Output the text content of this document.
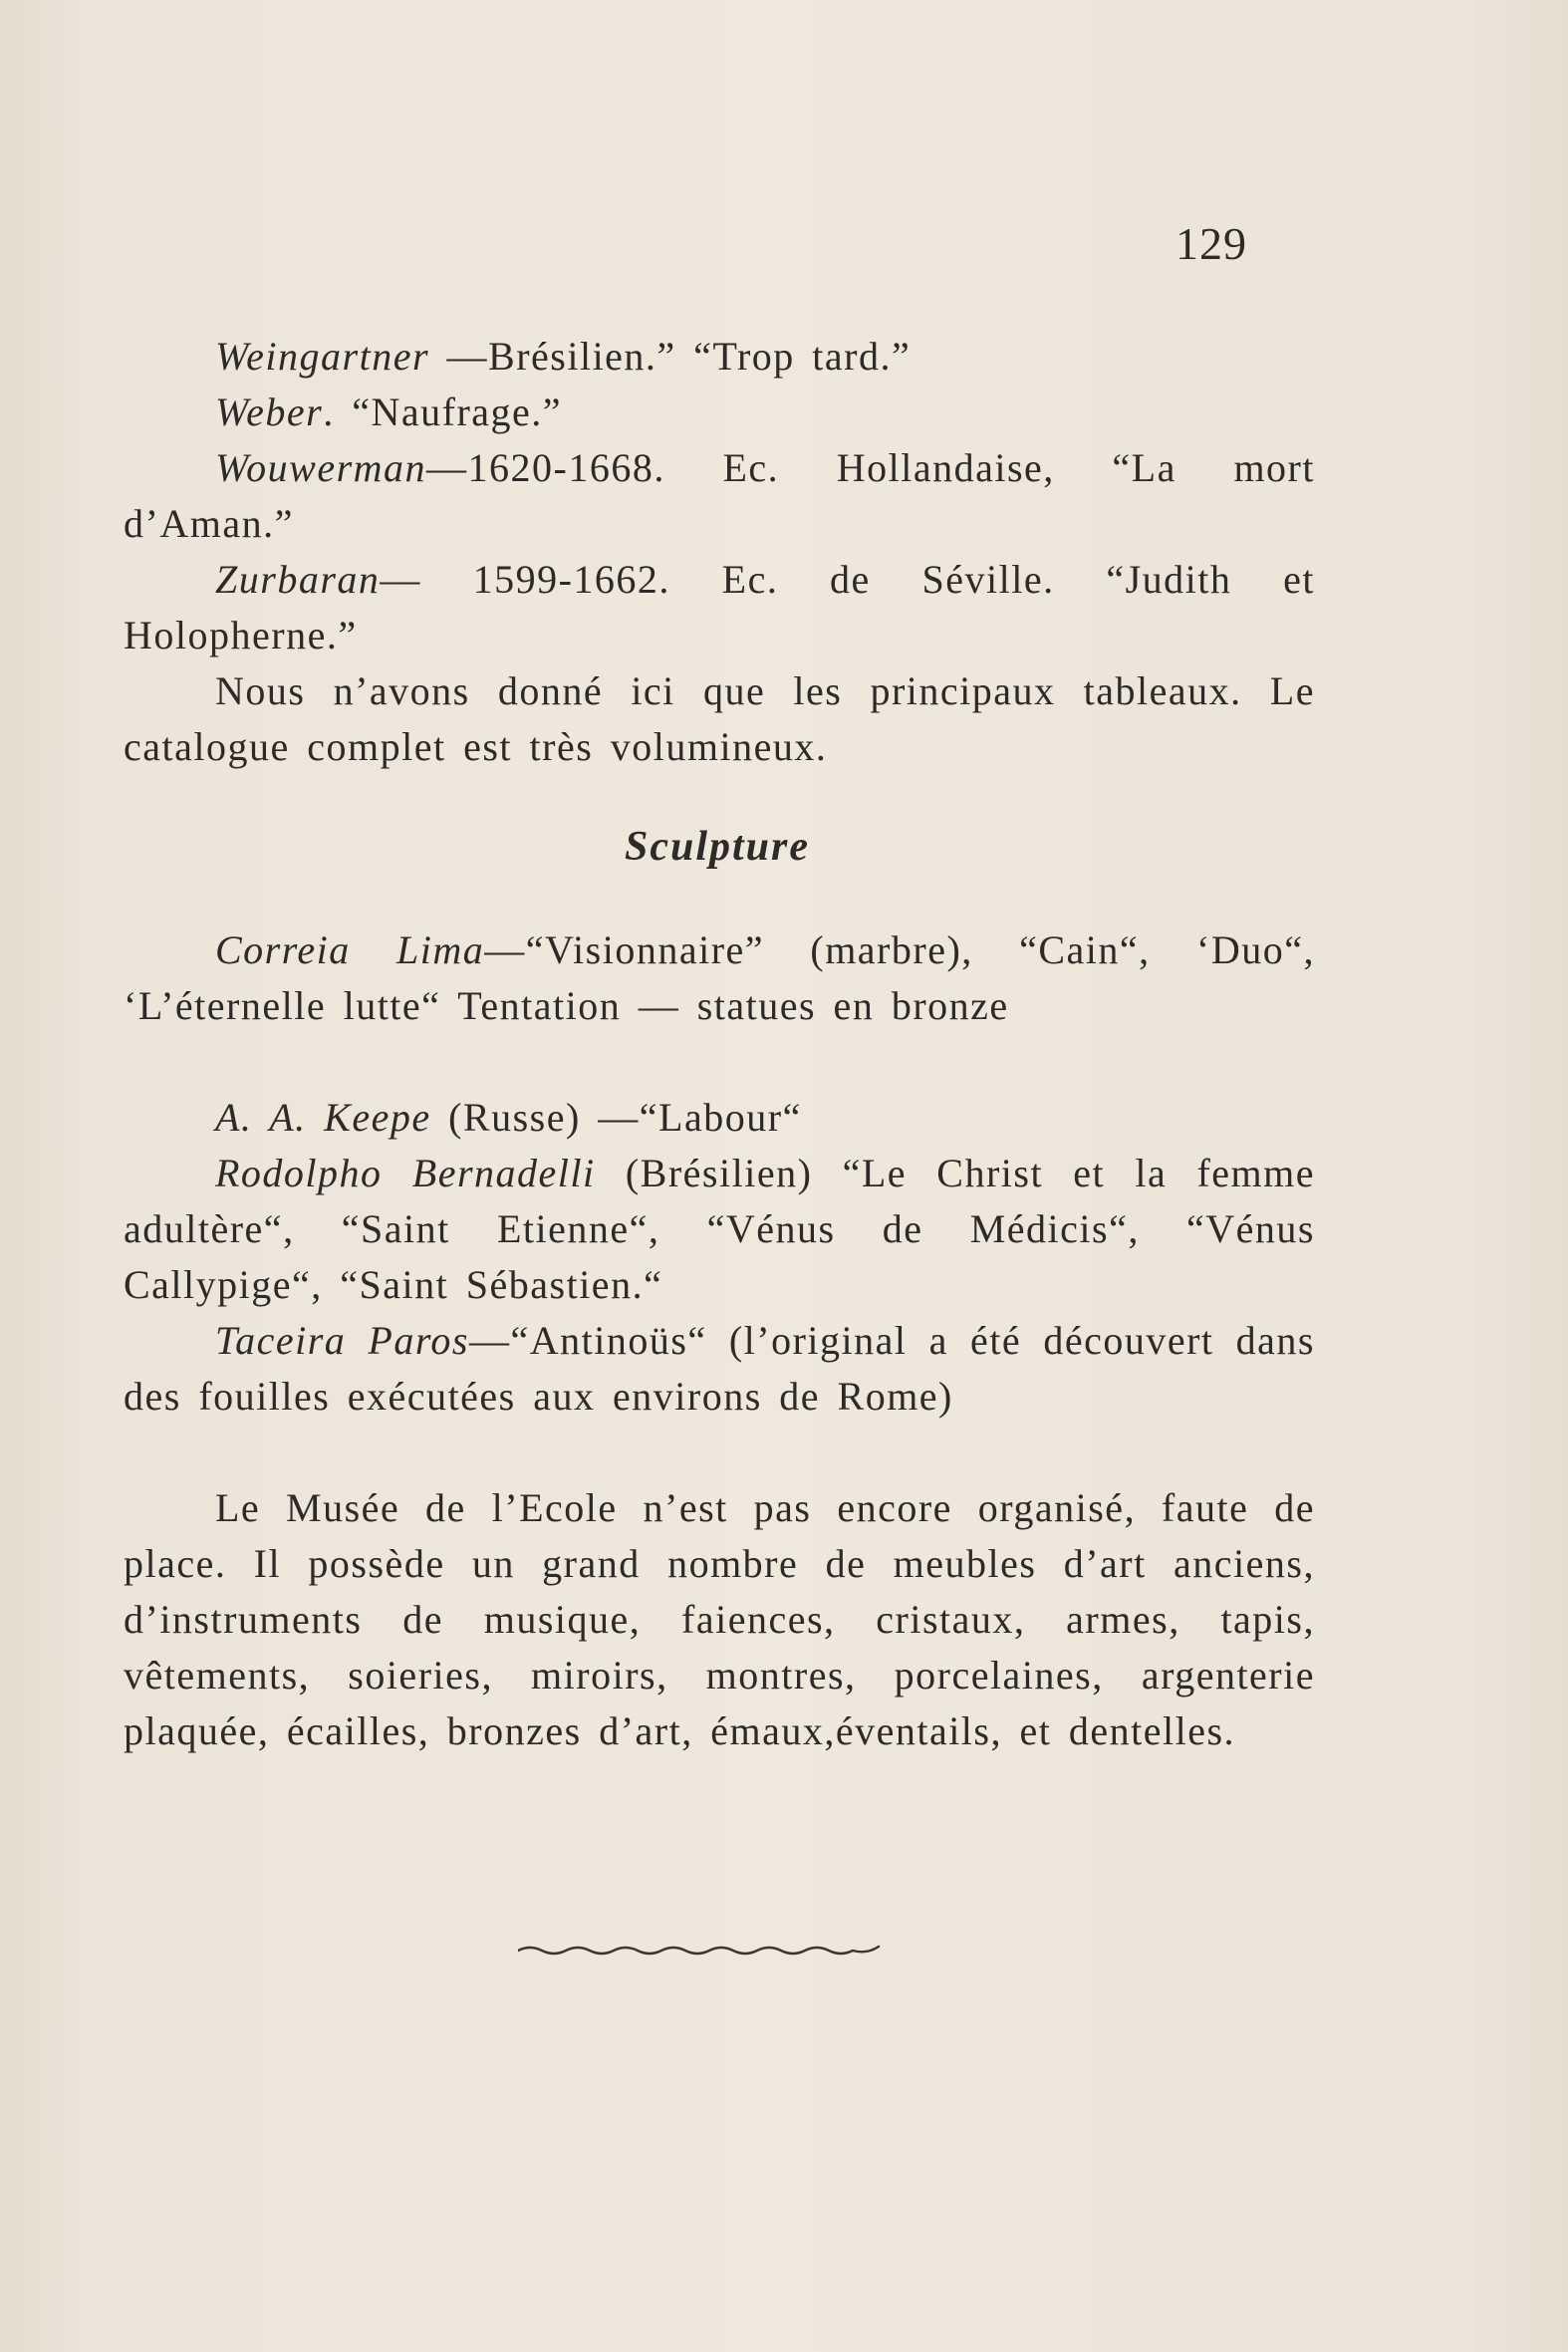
129

Weingartner —Brésilien.” “Trop tard.”

Weber. “Naufrage.”

Wouwerman—1620-1668. Ec. Hollandaise, “La mort d’Aman.”

Zurbaran— 1599-1662. Ec. de Séville. “Judith et Holopherne.”

Nous n’avons donné ici que les principaux tableaux. Le catalogue complet est très volumineux.

Sculpture

Correia Lima—“Visionnaire” (marbre), “Cain“, ‘Duo“, ‘L’éternelle lutte“ Tentation — statues en bronze

A. A. Keepe (Russe) —“Labour“

Rodolpho Bernadelli (Brésilien) “Le Christ et la femme adultère“, “Saint Etienne“, “Vénus de Médicis“, “Vénus Callypige“, “Saint Sébastien.“

Taceira Paros—“Antinoüs“ (l’original a été découvert dans des fouilles exécutées aux environs de Rome)

Le Musée de l’Ecole n’est pas encore organisé, faute de place. Il possède un grand nombre de meubles d’art anciens, d’instruments de musique, faiences, cristaux, armes, tapis, vêtements, soieries, miroirs, montres, porcelaines, argenterie plaquée, écailles, bronzes d’art, émaux,éventails, et dentelles.
